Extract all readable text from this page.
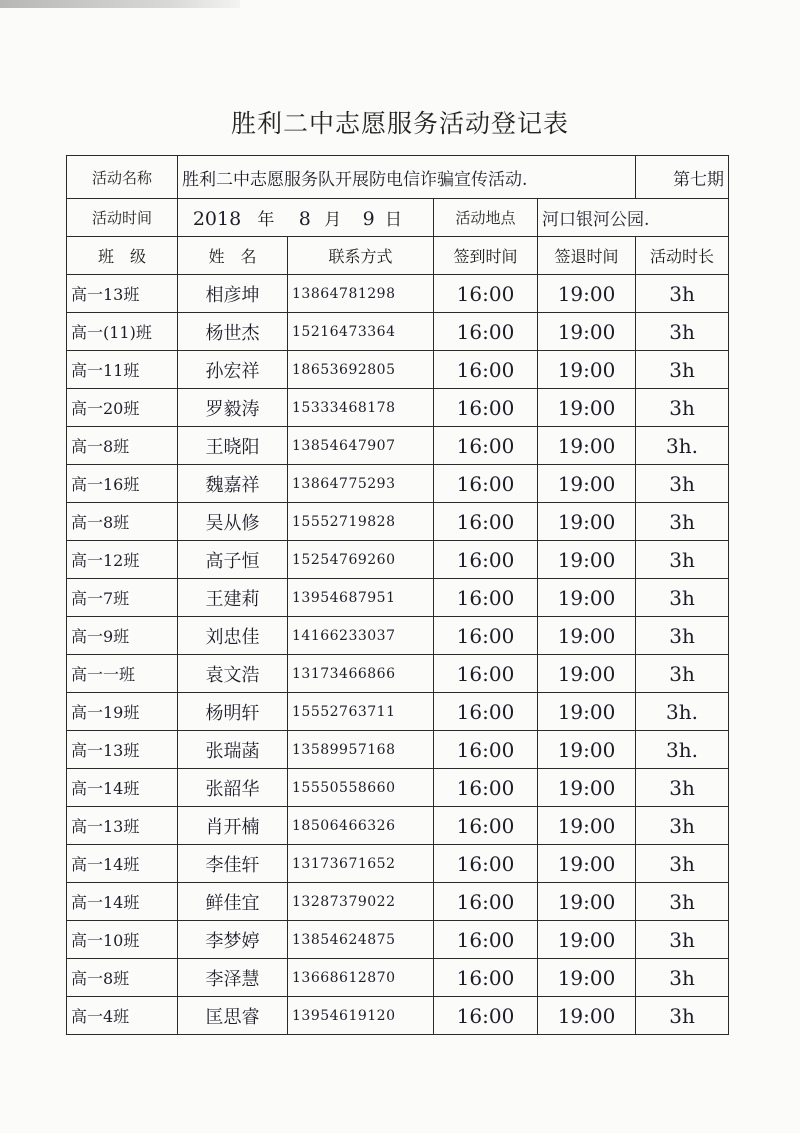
胜利二中志愿服务活动登记表
活动名称	胜利二中志愿服务队开展防电信诈骗宣传活动.				第七期
活动时间	2018 年 8 月 9 日		活动地点	河口银河公园.	
班　级	姓　名	联系方式	签到时间	签退时间	活动时长
高一13班	相彦坤	13864781298	16:00	19:00	3h
高一(11)班	杨世杰	15216473364	16:00	19:00	3h
高一11班	孙宏祥	18653692805	16:00	19:00	3h
高一20班	罗毅涛	15333468178	16:00	19:00	3h
高一8班	王晓阳	13854647907	16:00	19:00	3h.
高一16班	魏嘉祥	13864775293	16:00	19:00	3h
高一8班	吴从修	15552719828	16:00	19:00	3h
高一12班	高子恒	15254769260	16:00	19:00	3h
高一7班	王建莉	13954687951	16:00	19:00	3h
高一9班	刘忠佳	14166233037	16:00	19:00	3h
高一一班	袁文浩	13173466866	16:00	19:00	3h
高一19班	杨明轩	15552763711	16:00	19:00	3h.
高一13班	张瑞菡	13589957168	16:00	19:00	3h.
高一14班	张韶华	15550558660	16:00	19:00	3h
高一13班	肖开楠	18506466326	16:00	19:00	3h
高一14班	李佳轩	13173671652	16:00	19:00	3h
高一14班	鲜佳宜	13287379022	16:00	19:00	3h
高一10班	李梦婷	13854624875	16:00	19:00	3h
高一8班	李泽慧	13668612870	16:00	19:00	3h
高一4班	匡思睿	13954619120	16:00	19:00	3h
